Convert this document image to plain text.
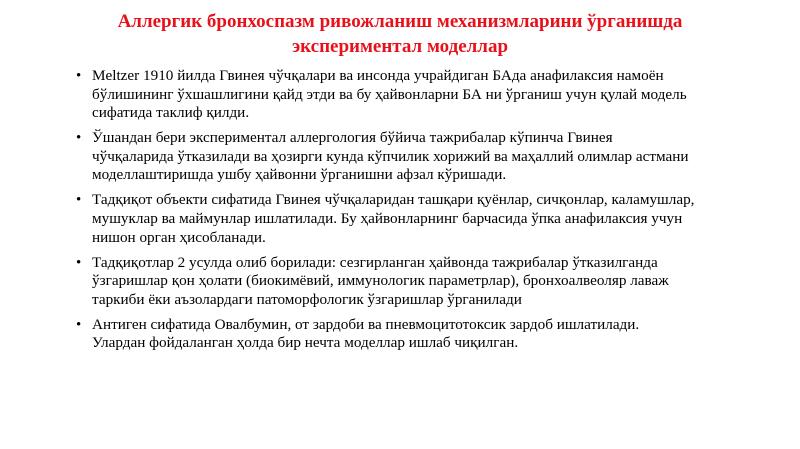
Аллергик бронхоспазм ривожланиш механизмларини ўрганишда
экспериментал моделлар
• Meltzer 1910 йилда Гвинея чўчқалари ва инсонда учрайдиган БАда анафилаксия намоён
бўлишининг ўхшашлигини қайд этди ва бу ҳайвонларни БА ни ўрганиш учун қулай модель
сифатида таклиф қилди.
• Ўшандан бери экспериментал аллергология бўйича тажрибалар кўпинча Гвинея
чўчқаларида ўтказилади ва ҳозирги кунда кўпчилик хорижий ва маҳаллий олимлар астмани
моделлаштиришда ушбу ҳайвонни ўрганишни афзал кўришади.
• Тадқиқот объекти сифатида Гвинея чўчқаларидан ташқари қуёнлар, сичқонлар, каламушлар,
мушуклар ва маймунлар ишлатилади. Бу ҳайвонларнинг барчасида ўпка анафилаксия учун
нишон орган ҳисобланади.
• Тадқиқотлар 2 усулда олиб борилади: сезгирланган ҳайвонда тажрибалар ўтказилганда
ўзгаришлар қон ҳолати (биокимёвий, иммунологик параметрлар), бронхоалвеоляр лаваж
таркиби ёки аъзолардаги патоморфологик ўзгаришлар ўрганилади
• Антиген сифатида Овалбумин, от зардоби ва пневмоцитотоксик зардоб ишлатилади.
Улардан фойдаланган ҳолда бир нечта моделлар ишлаб чиқилган.
